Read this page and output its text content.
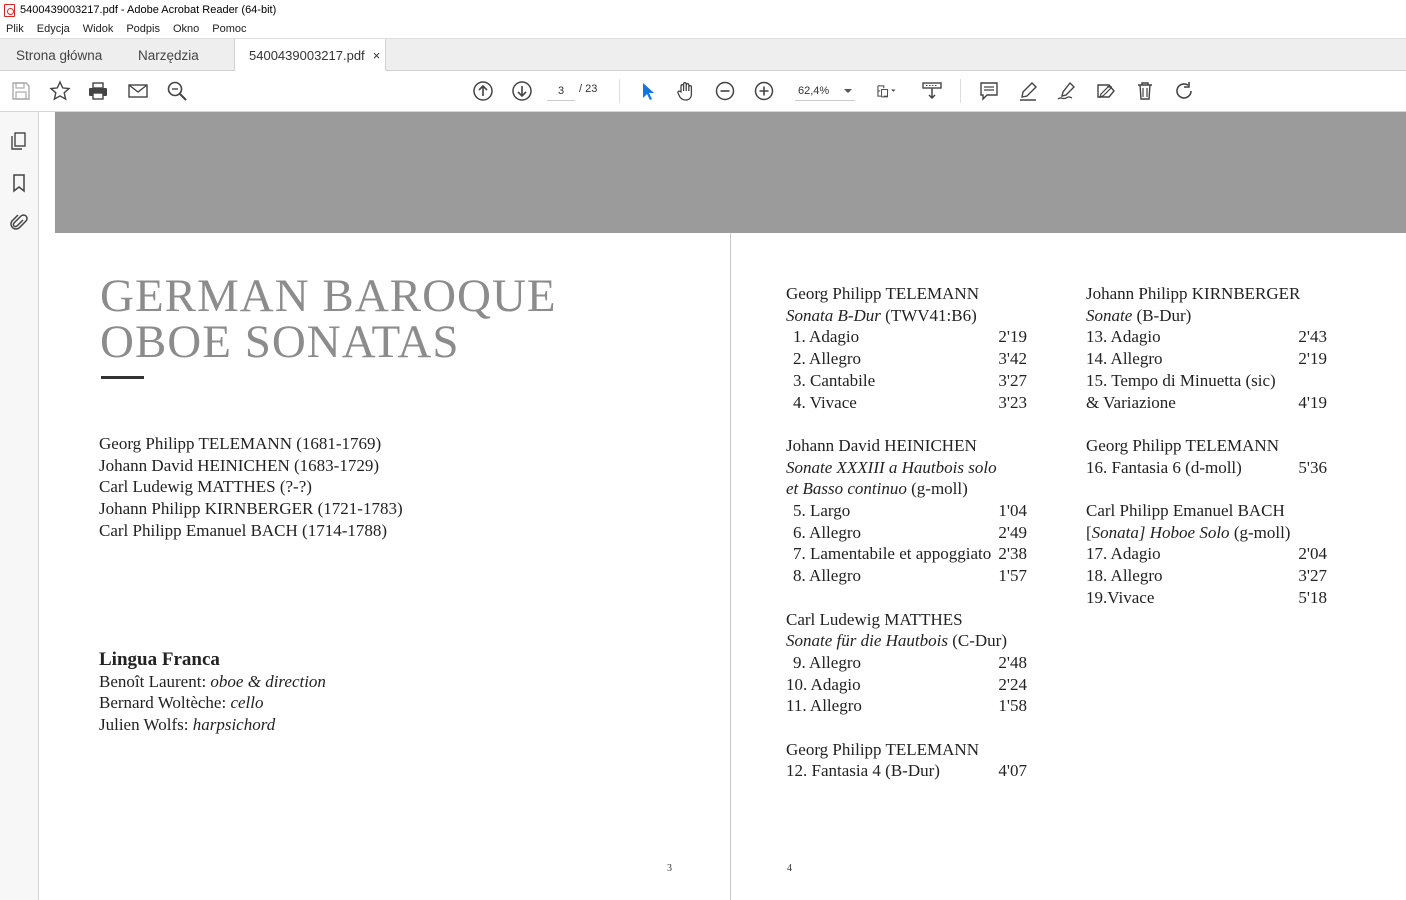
5400439003217.pdf - Adobe Acrobat Reader (64-bit)
Plik Edycja Widok Podpis Okno Pomoc
Strona główna	Narzędzia	5400439003217.pdf ×
3	/ 23	62,4%
GERMAN BAROQUE
OBOE SONATAS
Georg Philipp TELEMANN (1681-1769)
Johann David HEINICHEN (1683-1729)
Carl Ludewig MATTHES (?-?)
Johann Philipp KIRNBERGER (1721-1783)
Carl Philipp Emanuel BACH (1714-1788)
Lingua Franca
Benoît Laurent: oboe & direction
Bernard Woltèche: cello
Julien Wolfs: harpsichord
3
Georg Philipp TELEMANN
Sonata B-Dur (TWV41:B6)
1. Adagio	2'19
2. Allegro	3'42
3. Cantabile	3'27
4. Vivace	3'23
Johann David HEINICHEN
Sonate XXXIII a Hautbois solo
et Basso continuo (g-moll)
5. Largo	1'04
6. Allegro	2'49
7. Lamentabile et appoggiato 2'38
8. Allegro	1'57
Carl Ludewig MATTHES
Sonate für die Hautbois (C-Dur)
9. Allegro	2'48
10. Adagio	2'24
11. Allegro	1'58
Georg Philipp TELEMANN
12. Fantasia 4 (B-Dur)	4'07
Johann Philipp KIRNBERGER
Sonate (B-Dur)
13. Adagio	2'43
14. Allegro	2'19
15. Tempo di Minuetta (sic)
& Variazione	4'19
Georg Philipp TELEMANN
16. Fantasia 6 (d-moll)	5'36
Carl Philipp Emanuel BACH
[Sonata] Hoboe Solo (g-moll)
17. Adagio	2'04
18. Allegro	3'27
19.Vivace	5'18
4
